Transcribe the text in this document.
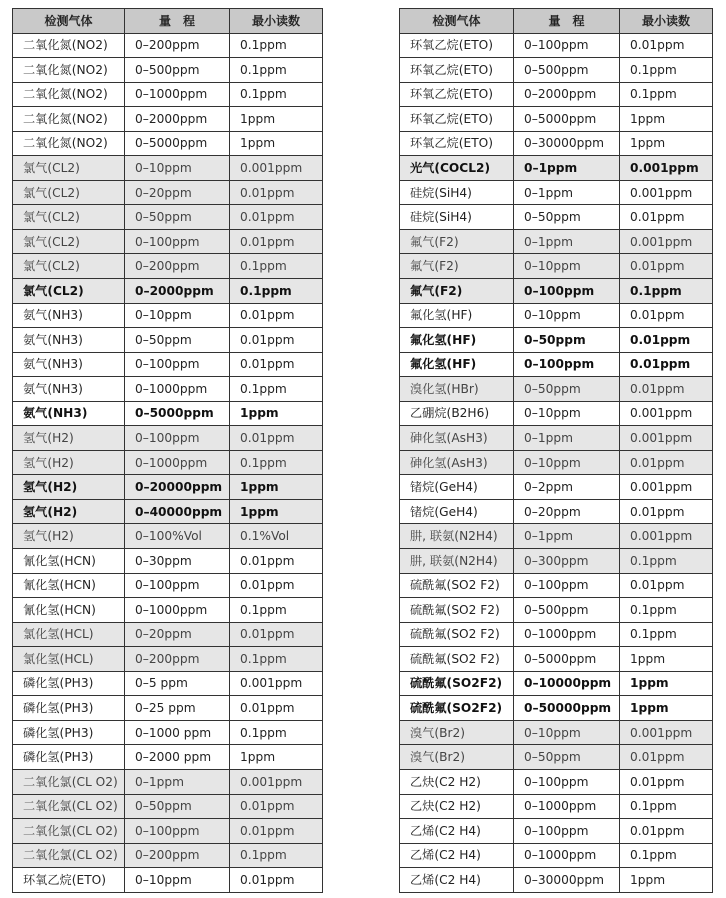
检测气体	量　程	最小读数
二氧化氮(NO2)	0–200ppm	0.1ppm
二氧化氮(NO2)	0–500ppm	0.1ppm
二氧化氮(NO2)	0–1000ppm	0.1ppm
二氧化氮(NO2)	0–2000ppm	1ppm
二氧化氮(NO2)	0–5000ppm	1ppm
氯气(CL2)	0–10ppm	0.001ppm
氯气(CL2)	0–20ppm	0.01ppm
氯气(CL2)	0–50ppm	0.01ppm
氯气(CL2)	0–100ppm	0.01ppm
氯气(CL2)	0–200ppm	0.1ppm
氯气(CL2)	0–2000ppm	0.1ppm
氨气(NH3)	0–10ppm	0.01ppm
氨气(NH3)	0–50ppm	0.01ppm
氨气(NH3)	0–100ppm	0.01ppm
氨气(NH3)	0–1000ppm	0.1ppm
氨气(NH3)	0–5000ppm	1ppm
氢气(H2)	0–100ppm	0.01ppm
氢气(H2)	0–1000ppm	0.1ppm
氢气(H2)	0–20000ppm	1ppm
氢气(H2)	0–40000ppm	1ppm
氢气(H2)	0–100%Vol	0.1%Vol
氰化氢(HCN)	0–30ppm	0.01ppm
氰化氢(HCN)	0–100ppm	0.01ppm
氰化氢(HCN)	0–1000ppm	0.1ppm
氯化氢(HCL)	0–20ppm	0.01ppm
氯化氢(HCL)	0–200ppm	0.1ppm
磷化氢(PH3)	0–5 ppm	0.001ppm
磷化氢(PH3)	0–25 ppm	0.01ppm
磷化氢(PH3)	0–1000 ppm	0.1ppm
磷化氢(PH3)	0–2000 ppm	1ppm
二氧化氯(CL O2)	0–1ppm	0.001ppm
二氧化氯(CL O2)	0–50ppm	0.01ppm
二氧化氯(CL O2)	0–100ppm	0.01ppm
二氧化氯(CL O2)	0–200ppm	0.1ppm
环氧乙烷(ETO)	0–10ppm	0.01ppm
检测气体	量　程	最小读数
环氧乙烷(ETO)	0–100ppm	0.01ppm
环氧乙烷(ETO)	0–500ppm	0.1ppm
环氧乙烷(ETO)	0–2000ppm	0.1ppm
环氧乙烷(ETO)	0–5000ppm	1ppm
环氧乙烷(ETO)	0–30000ppm	1ppm
光气(COCL2)	0–1ppm	0.001ppm
硅烷(SiH4)	0–1ppm	0.001ppm
硅烷(SiH4)	0–50ppm	0.01ppm
氟气(F2)	0–1ppm	0.001ppm
氟气(F2)	0–10ppm	0.01ppm
氟气(F2)	0–100ppm	0.1ppm
氟化氢(HF)	0–10ppm	0.01ppm
氟化氢(HF)	0–50ppm	0.01ppm
氟化氢(HF)	0–100ppm	0.01ppm
溴化氢(HBr)	0–50ppm	0.01ppm
乙硼烷(B2H6)	0–10ppm	0.001ppm
砷化氢(AsH3)	0–1ppm	0.001ppm
砷化氢(AsH3)	0–10ppm	0.01ppm
锗烷(GeH4)	0–2ppm	0.001ppm
锗烷(GeH4)	0–20ppm	0.01ppm
肼, 联氨(N2H4)	0–1ppm	0.001ppm
肼, 联氨(N2H4)	0–300ppm	0.1ppm
硫酰氟(SO2 F2)	0–100ppm	0.01ppm
硫酰氟(SO2 F2)	0–500ppm	0.1ppm
硫酰氟(SO2 F2)	0–1000ppm	0.1ppm
硫酰氟(SO2 F2)	0–5000ppm	1ppm
硫酰氟(SO2F2)	0–10000ppm	1ppm
硫酰氟(SO2F2)	0–50000ppm	1ppm
溴气(Br2)	0–10ppm	0.001ppm
溴气(Br2)	0–50ppm	0.01ppm
乙炔(C2 H2)	0–100ppm	0.01ppm
乙炔(C2 H2)	0–1000ppm	0.1ppm
乙烯(C2 H4)	0–100ppm	0.01ppm
乙烯(C2 H4)	0–1000ppm	0.1ppm
乙烯(C2 H4)	0–30000ppm	1ppm
